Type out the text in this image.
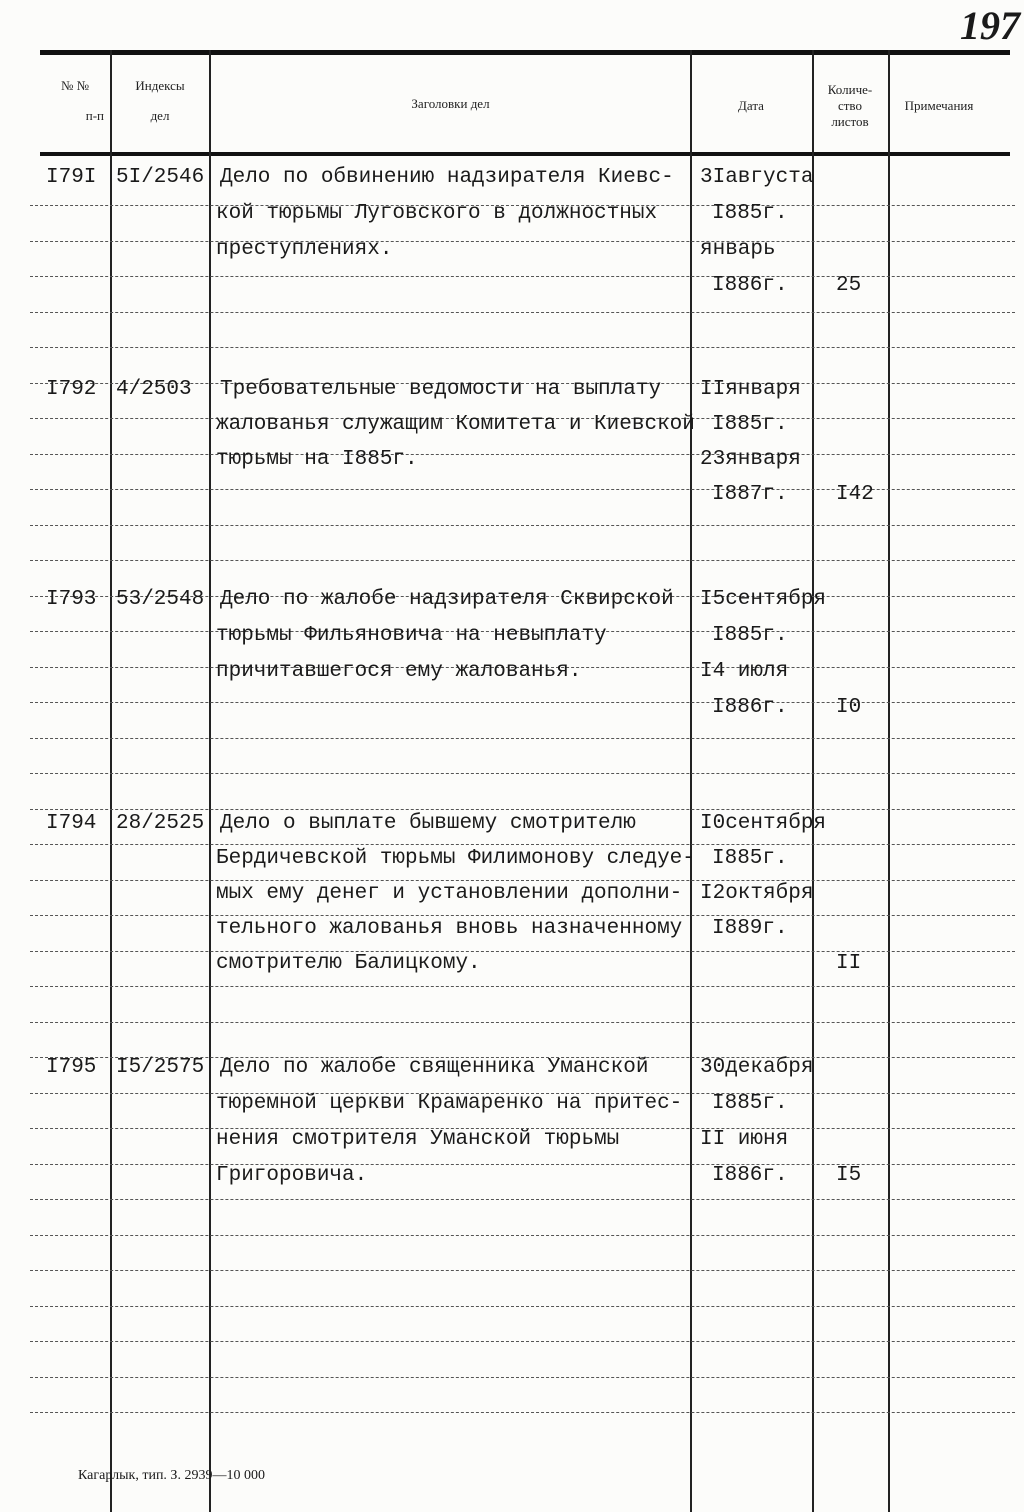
197
№ №
п-п
Индексы
дел
Заголовки дел	Дата
Количе-
ство
листов
Примечания
Кагарлык, тип. З. 2939—10 000
I79I 5I/2546 Дело по обвинению надзирателя Киевс-
кой тюрьмы Луговского в должностных
преступлениях.
3Iавгуста
I885г.
январь
I886г. 25
I792 4/2503 Требовательные ведомости на выплату
жалованья служащим Комитета и Киевской
тюрьмы на I885г.
IIянваря
I885г.
23января
I887г. I42
I793 53/2548 Дело по жалобе надзирателя Сквирской
тюрьмы Фильяновича на невыплату
причитавшегося ему жалованья.
I5сентября
I885г.
I4 июля
I886г. I0
I794 28/2525 Дело о выплате бывшему смотрителю
Бердичевской тюрьмы Филимонову следуе-
мых ему денег и установлении дополни-
тельного жалованья вновь назначенному
смотрителю Балицкому.
I0сентября
I885г.
I2октября
I889г.
II
I795 I5/2575 Дело по жалобе священника Уманской
тюремной церкви Крамаренко на притес-
нения смотрителя Уманской тюрьмы
Григоровича.
30декабря
I885г.
II июня
I886г. I5
